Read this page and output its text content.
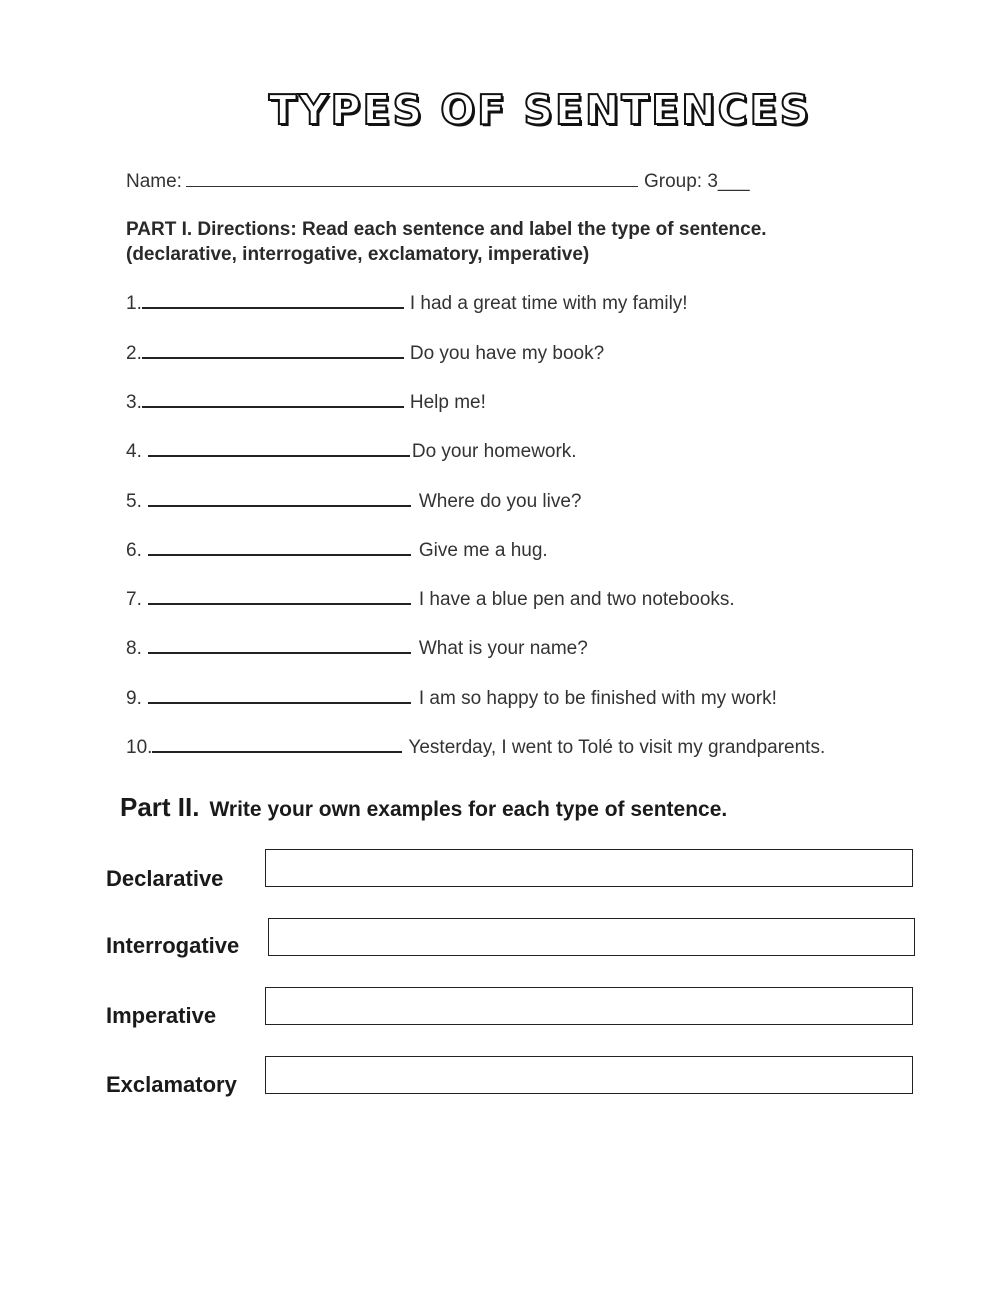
TYPES OF SENTENCES
Name:	Group: 3___
PART I. Directions: Read each sentence and label the type of sentence.
(declarative, interrogative, exclamatory, imperative)
1.	I had a great time with my family!
2.	Do you have my book?
3.	Help me!
4.	Do your homework.
5.	Where do you live?
6.	Give me a hug.
7.	I have a blue pen and two notebooks.
8.	What is your name?
9.	I am so happy to be finished with my work!
10.	Yesterday, I went to Tolé to visit my grandparents.
Part II. Write your own examples for each type of sentence.
Declarative
Interrogative
Imperative
Exclamatory
